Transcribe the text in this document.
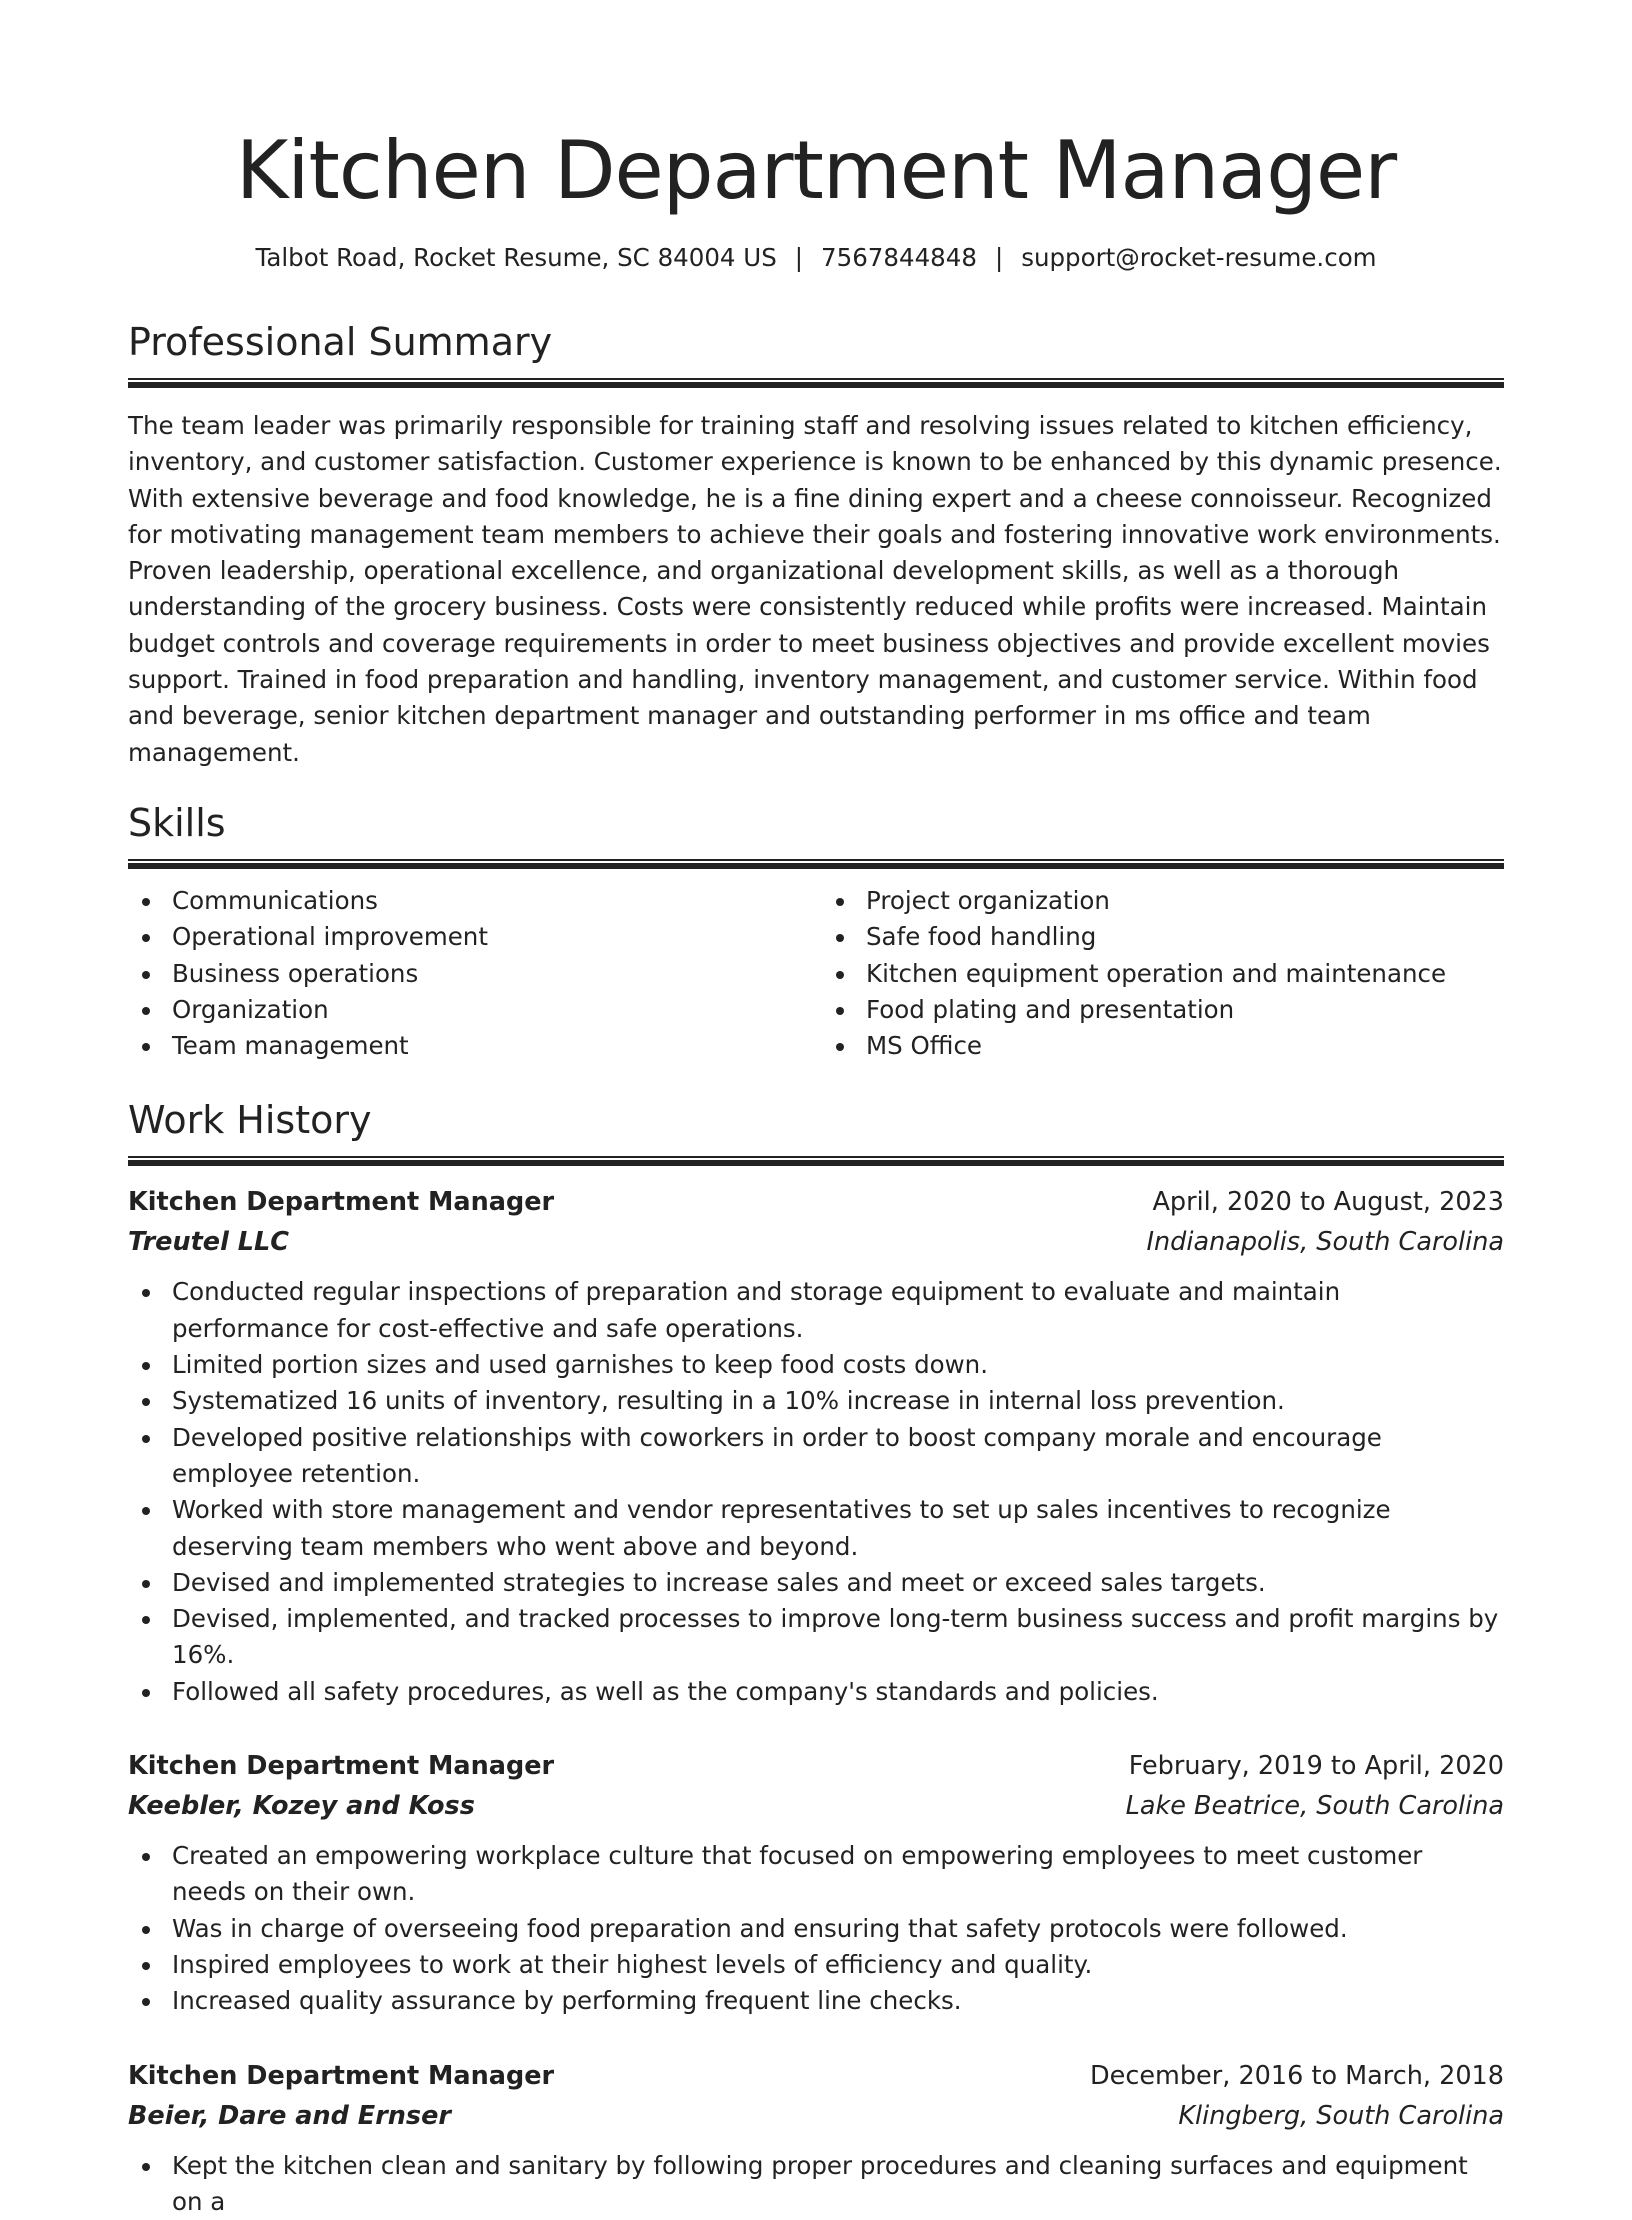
Kitchen Department Manager
Talbot Road, Rocket Resume, SC 84004 US | 7567844848 | support@rocket-resume.com
Professional Summary

The team leader was primarily responsible for training staff and resolving issues related to kitchen efficiency, inventory, and customer satisfaction. Customer experience is known to be enhanced by this dynamic presence. With extensive beverage and food knowledge, he is a fine dining expert and a cheese connoisseur. Recognized for motivating management team members to achieve their goals and fostering innovative work environments. Proven leadership, operational excellence, and organizational development skills, as well as a thorough understanding of the grocery business. Costs were consistently reduced while profits were increased. Maintain budget controls and coverage requirements in order to meet business objectives and provide excellent movies support. Trained in food preparation and handling, inventory management, and customer service. Within food and beverage, senior kitchen department manager and outstanding performer in ms office and team management.

Skills
Communications
Operational improvement
Business operations
Organization
Team management
Project organization
Safe food handling
Kitchen equipment operation and maintenance
Food plating and presentation
MS Office
Work History
Kitchen Department Manager	April, 2020 to August, 2023
Treutel LLC	Indianapolis, South Carolina
Conducted regular inspections of preparation and storage equipment to evaluate and maintain performance for cost-effective and safe operations.
Limited portion sizes and used garnishes to keep food costs down.
Systematized 16 units of inventory, resulting in a 10% increase in internal loss prevention.
Developed positive relationships with coworkers in order to boost company morale and encourage employee retention.
Worked with store management and vendor representatives to set up sales incentives to recognize deserving team members who went above and beyond.
Devised and implemented strategies to increase sales and meet or exceed sales targets.
Devised, implemented, and tracked processes to improve long-term business success and profit margins by 16%.
Followed all safety procedures, as well as the company's standards and policies.
Kitchen Department Manager	February, 2019 to April, 2020
Keebler, Kozey and Koss	Lake Beatrice, South Carolina
Created an empowering workplace culture that focused on empowering employees to meet customer needs on their own.
Was in charge of overseeing food preparation and ensuring that safety protocols were followed.
Inspired employees to work at their highest levels of efficiency and quality.
Increased quality assurance by performing frequent line checks.
Kitchen Department Manager	December, 2016 to March, 2018
Beier, Dare and Ernser	Klingberg, South Carolina
Kept the kitchen clean and sanitary by following proper procedures and cleaning surfaces and equipment on a
